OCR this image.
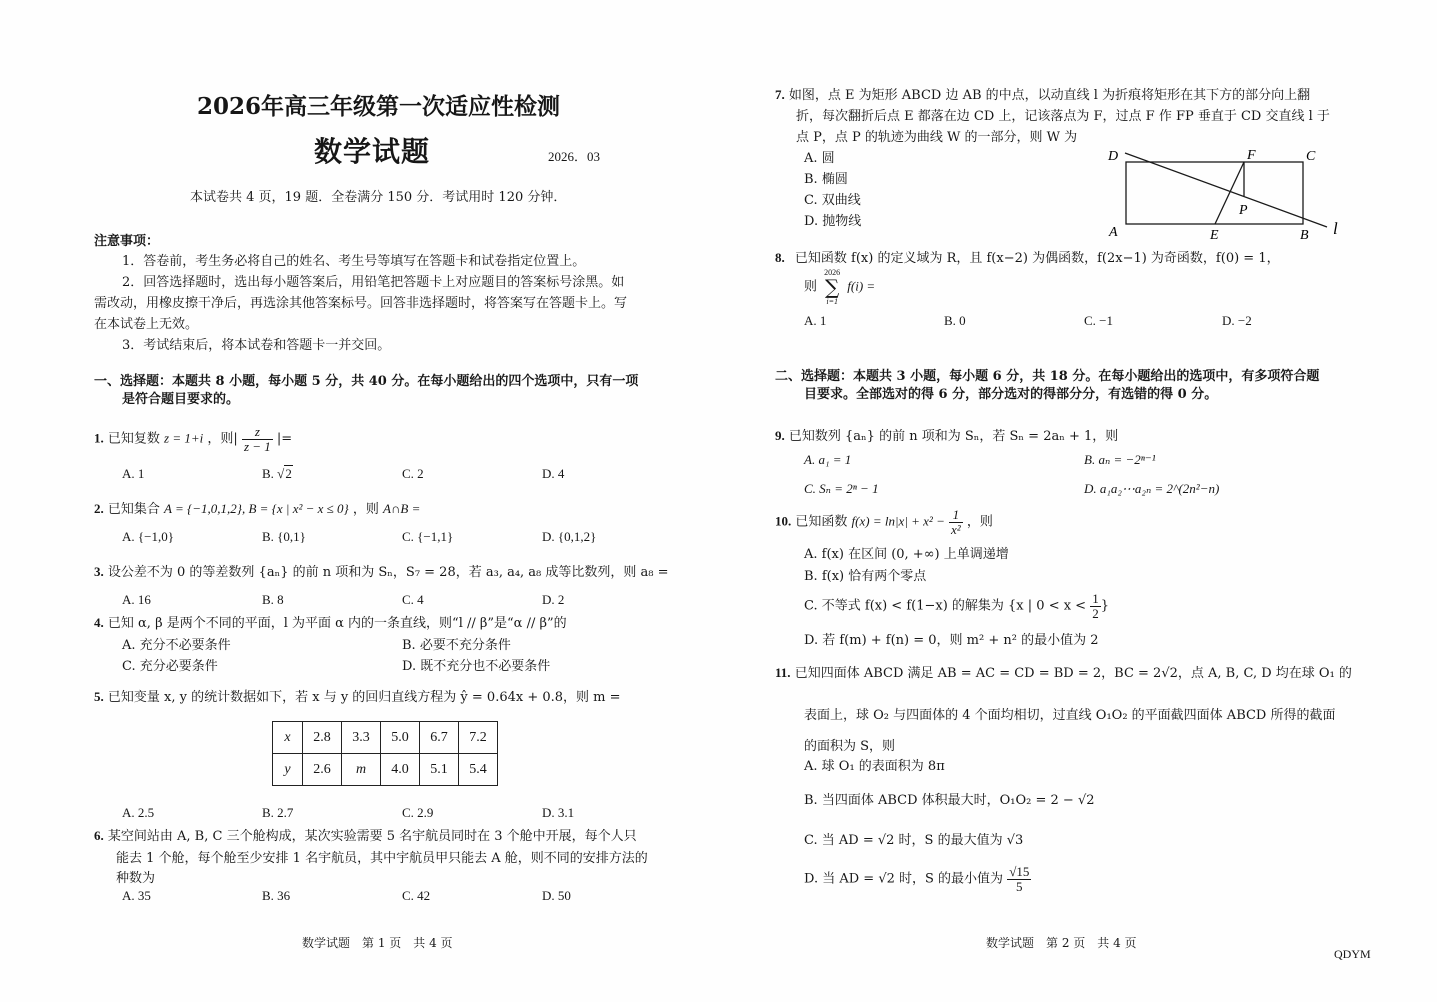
2026年高三年级第一次适应性检测
数学试题	2026．03
本试卷共 4 页，19 题．全卷满分 150 分．考试用时 120 分钟．
注意事项：
1．答卷前，考生务必将自己的姓名、考生号等填写在答题卡和试卷指定位置上。
2．回答选择题时，选出每小题答案后，用铅笔把答题卡上对应题目的答案标号涂黑。如
需改动，用橡皮擦干净后，再选涂其他答案标号。回答非选择题时，将答案写在答题卡上。写
在本试卷上无效。
3．考试结束后，将本试卷和答题卡一并交回。
一、选择题：本题共 8 小题，每小题 5 分，共 40 分。在每小题给出的四个选项中，只有一项
是符合题目要求的。
1. 已知复数 z = 1+i ，则| $\frac{z}{z - 1}$ |=
A. 1	B. √2	C. 2	D. 4
2. 已知集合 A = {−1,0,1,2}, B = {x | x² − x ≤ 0} ，则 A∩B =
A. {−1,0}	B. {0,1}	C. {−1,1}	D. {0,1,2}
3. 设公差不为 0 的等差数列 {aₙ} 的前 n 项和为 Sₙ，S₇ = 28，若 a₃, a₄, a₈ 成等比数列，则 a₈ =
A. 16	B. 8	C. 4	D. 2
4. 已知 α, β 是两个不同的平面，l 为平面 α 内的一条直线，则“l // β”是“α // β”的
A. 充分不必要条件	B. 必要不充分条件
C. 充分必要条件	D. 既不充分也不必要条件
5. 已知变量 x, y 的统计数据如下，若 x 与 y 的回归直线方程为 ŷ = 0.64x + 0.8，则 m =
x	2.8	3.3	5.0	6.7	7.2
y	2.6	m	4.0	5.1	5.4
A. 2.5	B. 2.7	C. 2.9	D. 3.1
6. 某空间站由 A, B, C 三个舱构成，某次实验需要 5 名宇航员同时在 3 个舱中开展，每个人只
能去 1 个舱，每个舱至少安排 1 名宇航员，其中宇航员甲只能去 A 舱，则不同的安排方法的
种数为
A. 35	B. 36	C. 42	D. 50
数学试题　第 1 页　共 4 页
7. 如图，点 E 为矩形 ABCD 边 AB 的中点，以动直线 l 为折痕将矩形在其下方的部分向上翻
折，每次翻折后点 E 都落在边 CD 上，记该落点为 F，过点 F 作 FP 垂直于 CD 交直线 l 于
点 P，点 P 的轨迹为曲线 W 的一部分，则 W 为
A. 圆
B. 椭圆
C. 双曲线
D. 抛物线
D	F	C
P
A	E	B l
8. 已知函数 f(x) 的定义域为 R，且 f(x−2) 为偶函数，f(2x−1) 为奇函数，f(0) = 1，
则
2026
∑
i=1
f(i) =
A. 1	B. 0	C. −1	D. −2
二、选择题：本题共 3 小题，每小题 6 分，共 18 分。在每小题给出的选项中，有多项符合题
目要求。全部选对的得 6 分，部分选对的得部分分，有选错的得 0 分。
9. 已知数列 {aₙ} 的前 n 项和为 Sₙ，若 Sₙ = 2aₙ + 1，则
A. a₁ = 1	B. aₙ = −2ⁿ⁻¹
C. Sₙ = 2ⁿ − 1	D. a₁a₂⋯a₂ₙ = 2^(2n²−n)
10. 已知函数 $f(x) = \ln|x| + x^2 - \frac{1}{\text{x²}}$ ，则
A. f(x) 在区间 (0, +∞) 上单调递增
B. f(x) 恰有两个零点
C. 不等式 f(x) < f(1−x) 的解集为 {x | $0 < x < \frac{1}{2}$ }
D. 若 f(m) + f(n) = 0，则 m² + n² 的最小值为 2
11. 已知四面体 ABCD 满足 AB = AC = CD = BD = 2，BC = 2√2，点 A, B, C, D 均在球 O₁ 的
表面上，球 O₂ 与四面体的 4 个面均相切，过直线 O₁O₂ 的平面截四面体 ABCD 所得的截面
的面积为 S，则
A. 球 O₁ 的表面积为 8π
B. 当四面体 ABCD 体积最大时，O₁O₂ = 2 − √2
C. 当 AD = √2 时，S 的最大值为 √3
D. 当 AD = √2 时，S 的最小值为 $\frac{√15}{5}$
数学试题　第 2 页　共 4 页
QDYM
